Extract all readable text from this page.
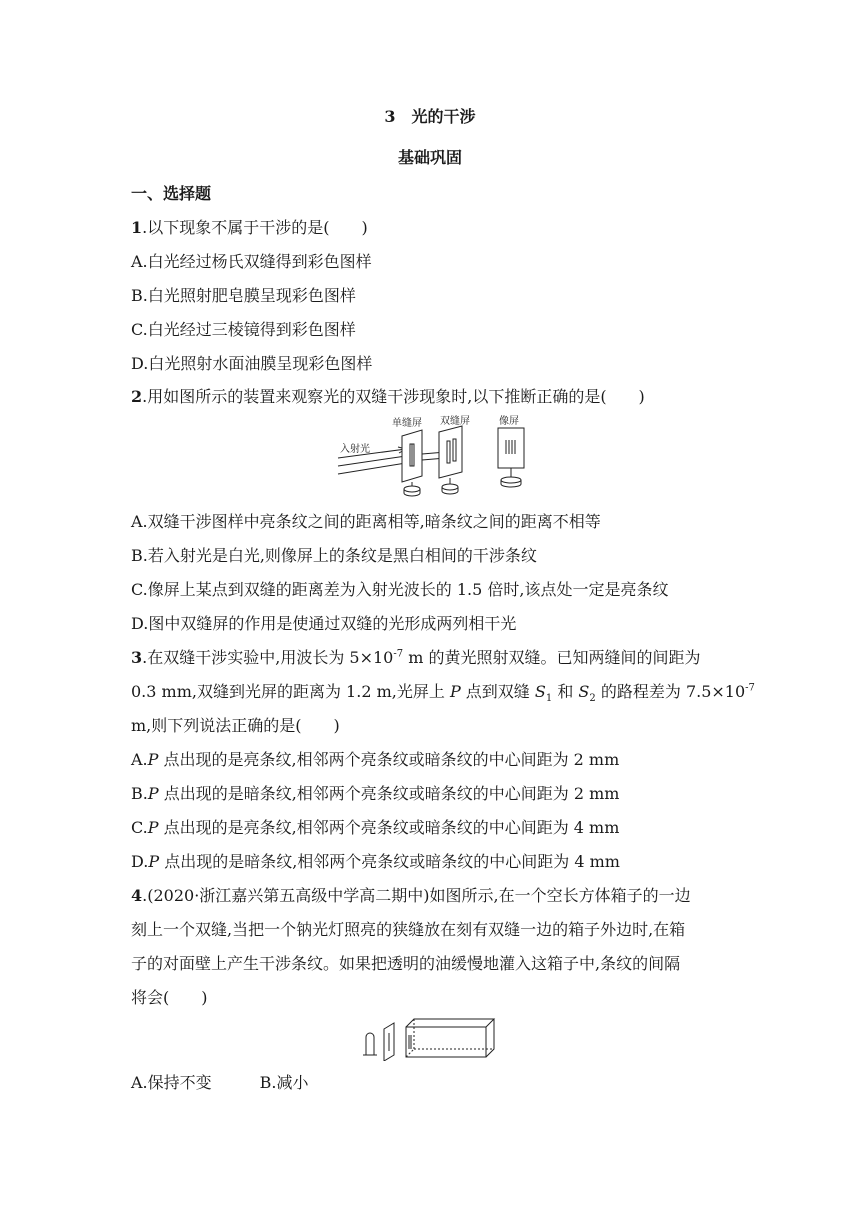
3　光的干涉
基础巩固
一、选择题
1.以下现象不属于干涉的是(　　)
A.白光经过杨氏双缝得到彩色图样
B.白光照射肥皂膜呈现彩色图样
C.白光经过三棱镜得到彩色图样
D.白光照射水面油膜呈现彩色图样
2.用如图所示的装置来观察光的双缝干涉现象时,以下推断正确的是(　　)
入射光
单缝屏 双缝屏	像屏
A.双缝干涉图样中亮条纹之间的距离相等,暗条纹之间的距离不相等
B.若入射光是白光,则像屏上的条纹是黑白相间的干涉条纹
C.像屏上某点到双缝的距离差为入射光波长的 1.5 倍时,该点处一定是亮条纹
D.图中双缝屏的作用是使通过双缝的光形成两列相干光
3.在双缝干涉实验中,用波长为 $5\times 10^{-7}$ m 的黄光照射双缝。已知两缝间的间距为
0.3 mm,双缝到光屏的距离为 1.2 m,光屏上 P 点到双缝 $S_1$ 和 $S_2$ 的路程差为 $7.5\times 10^{-7}$
m,则下列说法正确的是(　　)
A.P 点出现的是亮条纹,相邻两个亮条纹或暗条纹的中心间距为 2 mm
B.P 点出现的是暗条纹,相邻两个亮条纹或暗条纹的中心间距为 2 mm
C.P 点出现的是亮条纹,相邻两个亮条纹或暗条纹的中心间距为 4 mm
D.P 点出现的是暗条纹,相邻两个亮条纹或暗条纹的中心间距为 4 mm
4.(2020·浙江嘉兴第五高级中学高二期中)如图所示,在一个空长方体箱子的一边
刻上一个双缝,当把一个钠光灯照亮的狭缝放在刻有双缝一边的箱子外边时,在箱
子的对面壁上产生干涉条纹。如果把透明的油缓慢地灌入这箱子中,条纹的间隔
将会(　　)
A.保持不变	B.减小
